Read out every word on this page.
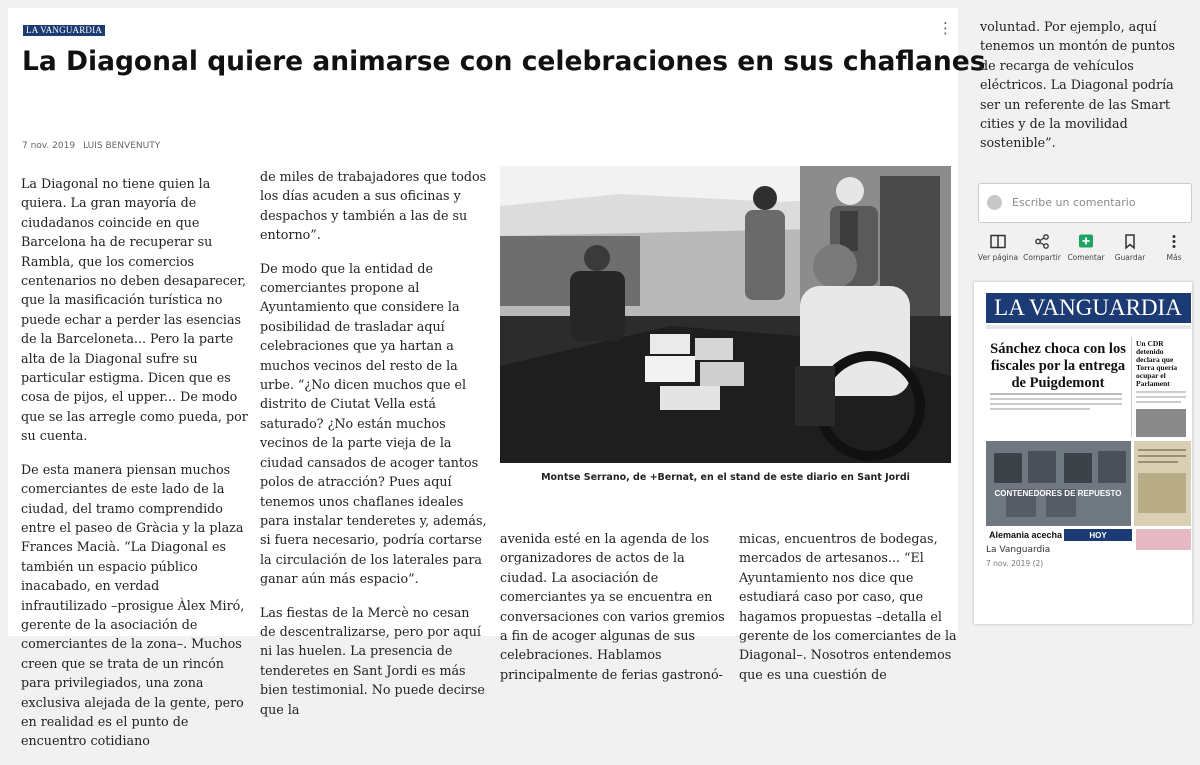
LA VANGUARDIA	⋮
La Diagonal quiere animarse con celebraciones en sus chaflanes
7 nov. 2019 LUIS BENVENUTY

La Diagonal no tiene quien la quiera. La gran mayoría de ciudadanos coincide en que Barcelona ha de recuperar su Rambla, que los comercios centenarios no deben desaparecer, que la masificación turística no puede echar a perder las esencias de la Barceloneta... Pero la parte alta de la Diagonal sufre su particular estigma. Dicen que es cosa de pijos, el upper... De modo que se las arregle como pueda, por su cuenta.

De esta manera piensan muchos comerciantes de este lado de la ciudad, del tramo comprendido entre el paseo de Gràcia y la plaza Frances Macià. “La Diagonal es también un espacio público inacabado, en verdad infrautilizado –prosigue Àlex Miró, gerente de la asociación de comerciantes de la zona–. Muchos creen que se trata de un rincón para privilegiados, una zona exclusiva alejada de la gente, pero en realidad es el punto de encuentro cotidiano

de miles de trabajadores que todos los días acuden a sus oficinas y despachos y también a las de su entorno”.

De modo que la entidad de comerciantes propone al Ayuntamiento que considere la posibilidad de trasladar aquí celebraciones que ya hartan a muchos vecinos del resto de la urbe. “¿No dicen muchos que el distrito de Ciutat Vella está saturado? ¿No están muchos vecinos de la parte vieja de la ciudad cansados de acoger tantos polos de atracción? Pues aquí tenemos unos chaflanes ideales para instalar tenderetes y, además, si fuera necesario, podría cortarse la circulación de los laterales para ganar aún más espacio”.

Las fiestas de la Mercè no cesan de descentralizarse, pero por aquí ni las huelen. La presencia de tenderetes en Sant Jordi es más bien testimonial. No puede decirse que la

Montse Serrano, de +Bernat, en el stand de este diario en Sant Jordi

avenida esté en la agenda de los organizadores de actos de la ciudad. La asociación de comerciantes ya se encuentra en conversaciones con varios gremios a fin de acoger algunas de sus celebraciones. Hablamos principalmente de ferias gastronó-

micas, encuentros de bodegas, mercados de artesanos... “El Ayuntamiento nos dice que estudiará caso por caso, que hagamos propuestas –detalla el gerente de los comerciantes de la Diagonal–. Nosotros entendemos que es una cuestión de

voluntad. Por ejemplo, aquí tenemos un montón de puntos de recarga de vehículos eléctricos. La Diagonal podría ser un referente de las Smart cities y de la movilidad sostenible”.
Escribe un comentario
Ver página Compartir Comentar	Guardar	Más
LA VANGUARDIA
Sánchez choca con los
fiscales por la entrega
de Puigdemont
Un CDR
detenido
declara que
Torra quería
ocupar el
Parlament
CONTENEDORES DE REPUESTO
Alemania acecha	HOY
La Vanguardia
7 nov. 2019 (2)
